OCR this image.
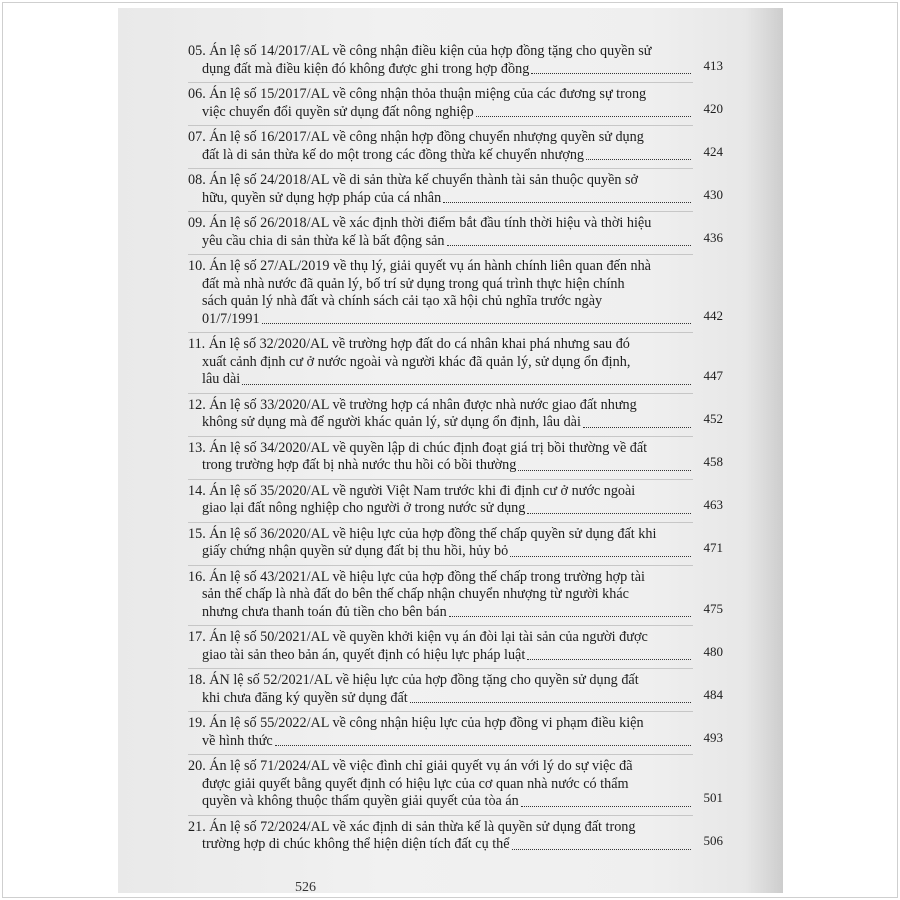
05. Án lệ số 14/2017/AL về công nhận điều kiện của hợp đồng tặng cho quyền sử
dụng đất mà điều kiện đó không được ghi trong hợp đồng	413
06. Án lệ số 15/2017/AL về công nhận thỏa thuận miệng của các đương sự trong
việc chuyển đổi quyền sử dụng đất nông nghiệp	420
07. Án lệ số 16/2017/AL về công nhận hợp đồng chuyển nhượng quyền sử dụng
đất là di sản thừa kế do một trong các đồng thừa kế chuyển nhượng	424
08. Án lệ số 24/2018/AL về di sản thừa kế chuyển thành tài sản thuộc quyền sở
hữu, quyền sử dụng hợp pháp của cá nhân	430
09. Án lệ số 26/2018/AL về xác định thời điểm bắt đầu tính thời hiệu và thời hiệu
yêu cầu chia di sản thừa kế là bất động sản	436
10. Án lệ số 27/AL/2019 về thụ lý, giải quyết vụ án hành chính liên quan đến nhà
đất mà nhà nước đã quản lý, bố trí sử dụng trong quá trình thực hiện chính
sách quản lý nhà đất và chính sách cải tạo xã hội chủ nghĩa trước ngày
01/7/1991	442
11. Án lệ số 32/2020/AL về trường hợp đất do cá nhân khai phá nhưng sau đó
xuất cảnh định cư ở nước ngoài và người khác đã quản lý, sử dụng ổn định,
lâu dài	447
12. Án lệ số 33/2020/AL về trường hợp cá nhân được nhà nước giao đất nhưng
không sử dụng mà để người khác quản lý, sử dụng ổn định, lâu dài	452
13. Án lệ số 34/2020/AL về quyền lập di chúc định đoạt giá trị bồi thường về đất
trong trường hợp đất bị nhà nước thu hồi có bồi thường	458
14. Án lệ số 35/2020/AL về người Việt Nam trước khi đi định cư ở nước ngoài
giao lại đất nông nghiệp cho người ở trong nước sử dụng	463
15. Án lệ số 36/2020/AL về hiệu lực của hợp đồng thế chấp quyền sử dụng đất khi
giấy chứng nhận quyền sử dụng đất bị thu hồi, hủy bỏ	471
16. Án lệ số 43/2021/AL về hiệu lực của hợp đồng thế chấp trong trường hợp tài
sản thế chấp là nhà đất do bên thế chấp nhận chuyển nhượng từ người khác
nhưng chưa thanh toán đủ tiền cho bên bán	475
17. Án lệ số 50/2021/AL về quyền khởi kiện vụ án đòi lại tài sản của người được
giao tài sản theo bản án, quyết định có hiệu lực pháp luật	480
18. ÁN lệ số 52/2021/AL về hiệu lực của hợp đồng tặng cho quyền sử dụng đất
khi chưa đăng ký quyền sử dụng đất	484
19. Án lệ số 55/2022/AL về công nhận hiệu lực của hợp đồng vi phạm điều kiện
về hình thức	493
20. Án lệ số 71/2024/AL về việc đình chỉ giải quyết vụ án với lý do sự việc đã
được giải quyết bằng quyết định có hiệu lực của cơ quan nhà nước có thẩm
quyền và không thuộc thẩm quyền giải quyết của tòa án	501
21. Án lệ số 72/2024/AL về xác định di sản thừa kế là quyền sử dụng đất trong
trường hợp di chúc không thể hiện diện tích đất cụ thể	506
526
